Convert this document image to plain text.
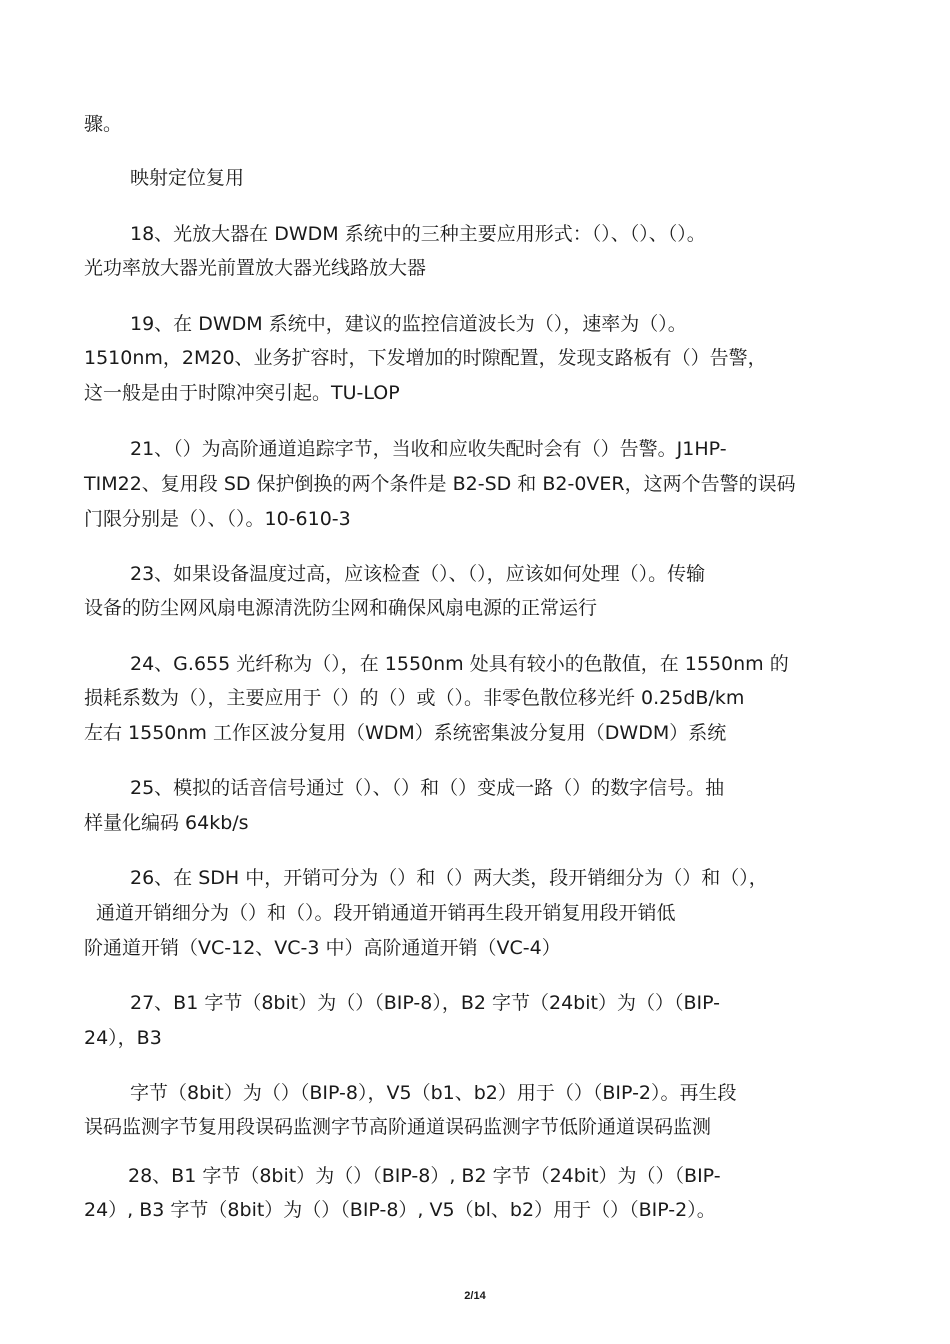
骤。
映射定位复用
18、光放大器在 DWDM 系统中的三种主要应用形式：（）、（）、（）。
光功率放大器光前置放大器光线路放大器
19、在 DWDM 系统中，建议的监控信道波长为（），速率为（）。
1510nm，2M20、业务扩容时，下发增加的时隙配置，发现支路板有（）告警，
这一般是由于时隙冲突引起。TU-LOP
21、（）为高阶通道追踪字节，当收和应收失配时会有（）告警。J1HP-
TIM22、复用段 SD 保护倒换的两个条件是 B2-SD 和 B2-0VER，这两个告警的误码
门限分别是（）、（）。10-610-3
23、如果设备温度过高，应该检查（）、（），应该如何处理（）。传输
设备的防尘网风扇电源清洗防尘网和确保风扇电源的正常运行
24、G.655 光纤称为（），在 1550nm 处具有较小的色散值，在 1550nm 的
损耗系数为（），主要应用于（）的（）或（）。非零色散位移光纤 0.25dB/km
左右 1550nm 工作区波分复用（WDM）系统密集波分复用（DWDM）系统
25、模拟的话音信号通过（）、（）和（）变成一路（）的数字信号。抽
样量化编码 64kb/s
26、在 SDH 中，开销可分为（）和（）两大类，段开销细分为（）和（），
通道开销细分为（）和（）。段开销通道开销再生段开销复用段开销低
阶通道开销（VC-12、VC-3 中）高阶通道开销（VC-4）
27、B1 字节（8bit）为（）（BIP-8），B2 字节（24bit）为（）（BIP-
24），B3
字节（8bit）为（）（BIP-8），V5（b1、b2）用于（）（BIP-2）。再生段
误码监测字节复用段误码监测字节高阶通道误码监测字节低阶通道误码监测
28、B1 字节（8bit）为（）（BIP-8）, B2 字节（24bit）为（）（BIP-
24）, B3 字节（8bit）为（）（BIP-8）, V5（bl、b2）用于（）（BIP-2）。
2/14
